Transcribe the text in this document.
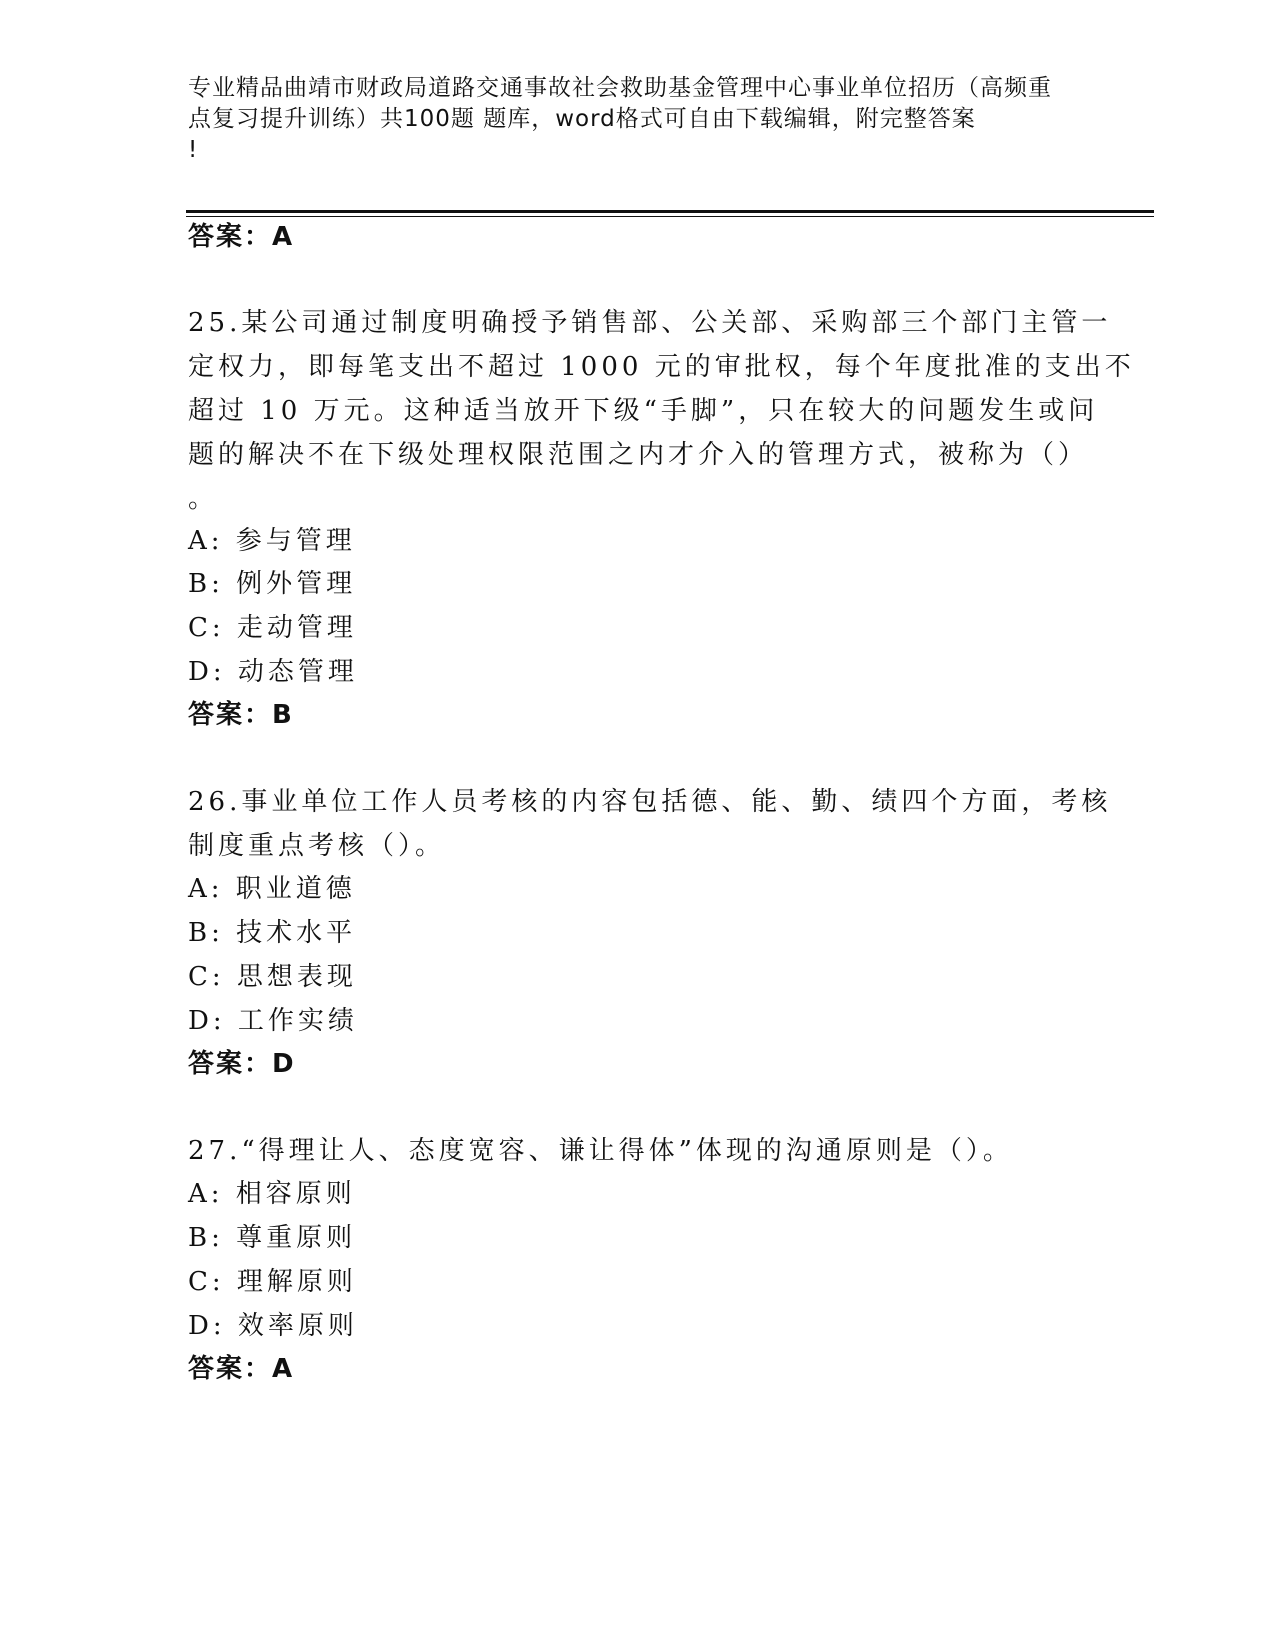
专业精品曲靖市财政局道路交通事故社会救助基金管理中心事业单位招历（高频重
点复习提升训练）共100题 题库，word格式可自由下载编辑，附完整答案
!
答案：A
25.某公司通过制度明确授予销售部、公关部、采购部三个部门主管一
定权力，即每笔支出不超过 1000 元的审批权，每个年度批准的支出不
超过 10 万元。这种适当放开下级“手脚”，只在较大的问题发生或问
题的解决不在下级处理权限范围之内才介入的管理方式，被称为（）
。
A: 参与管理
B: 例外管理
C: 走动管理
D: 动态管理
答案：B
26.事业单位工作人员考核的内容包括德、能、勤、绩四个方面，考核
制度重点考核（）。
A: 职业道德
B: 技术水平
C: 思想表现
D: 工作实绩
答案：D
27.“得理让人、态度宽容、谦让得体”体现的沟通原则是（）。
A: 相容原则
B: 尊重原则
C: 理解原则
D: 效率原则
答案：A
